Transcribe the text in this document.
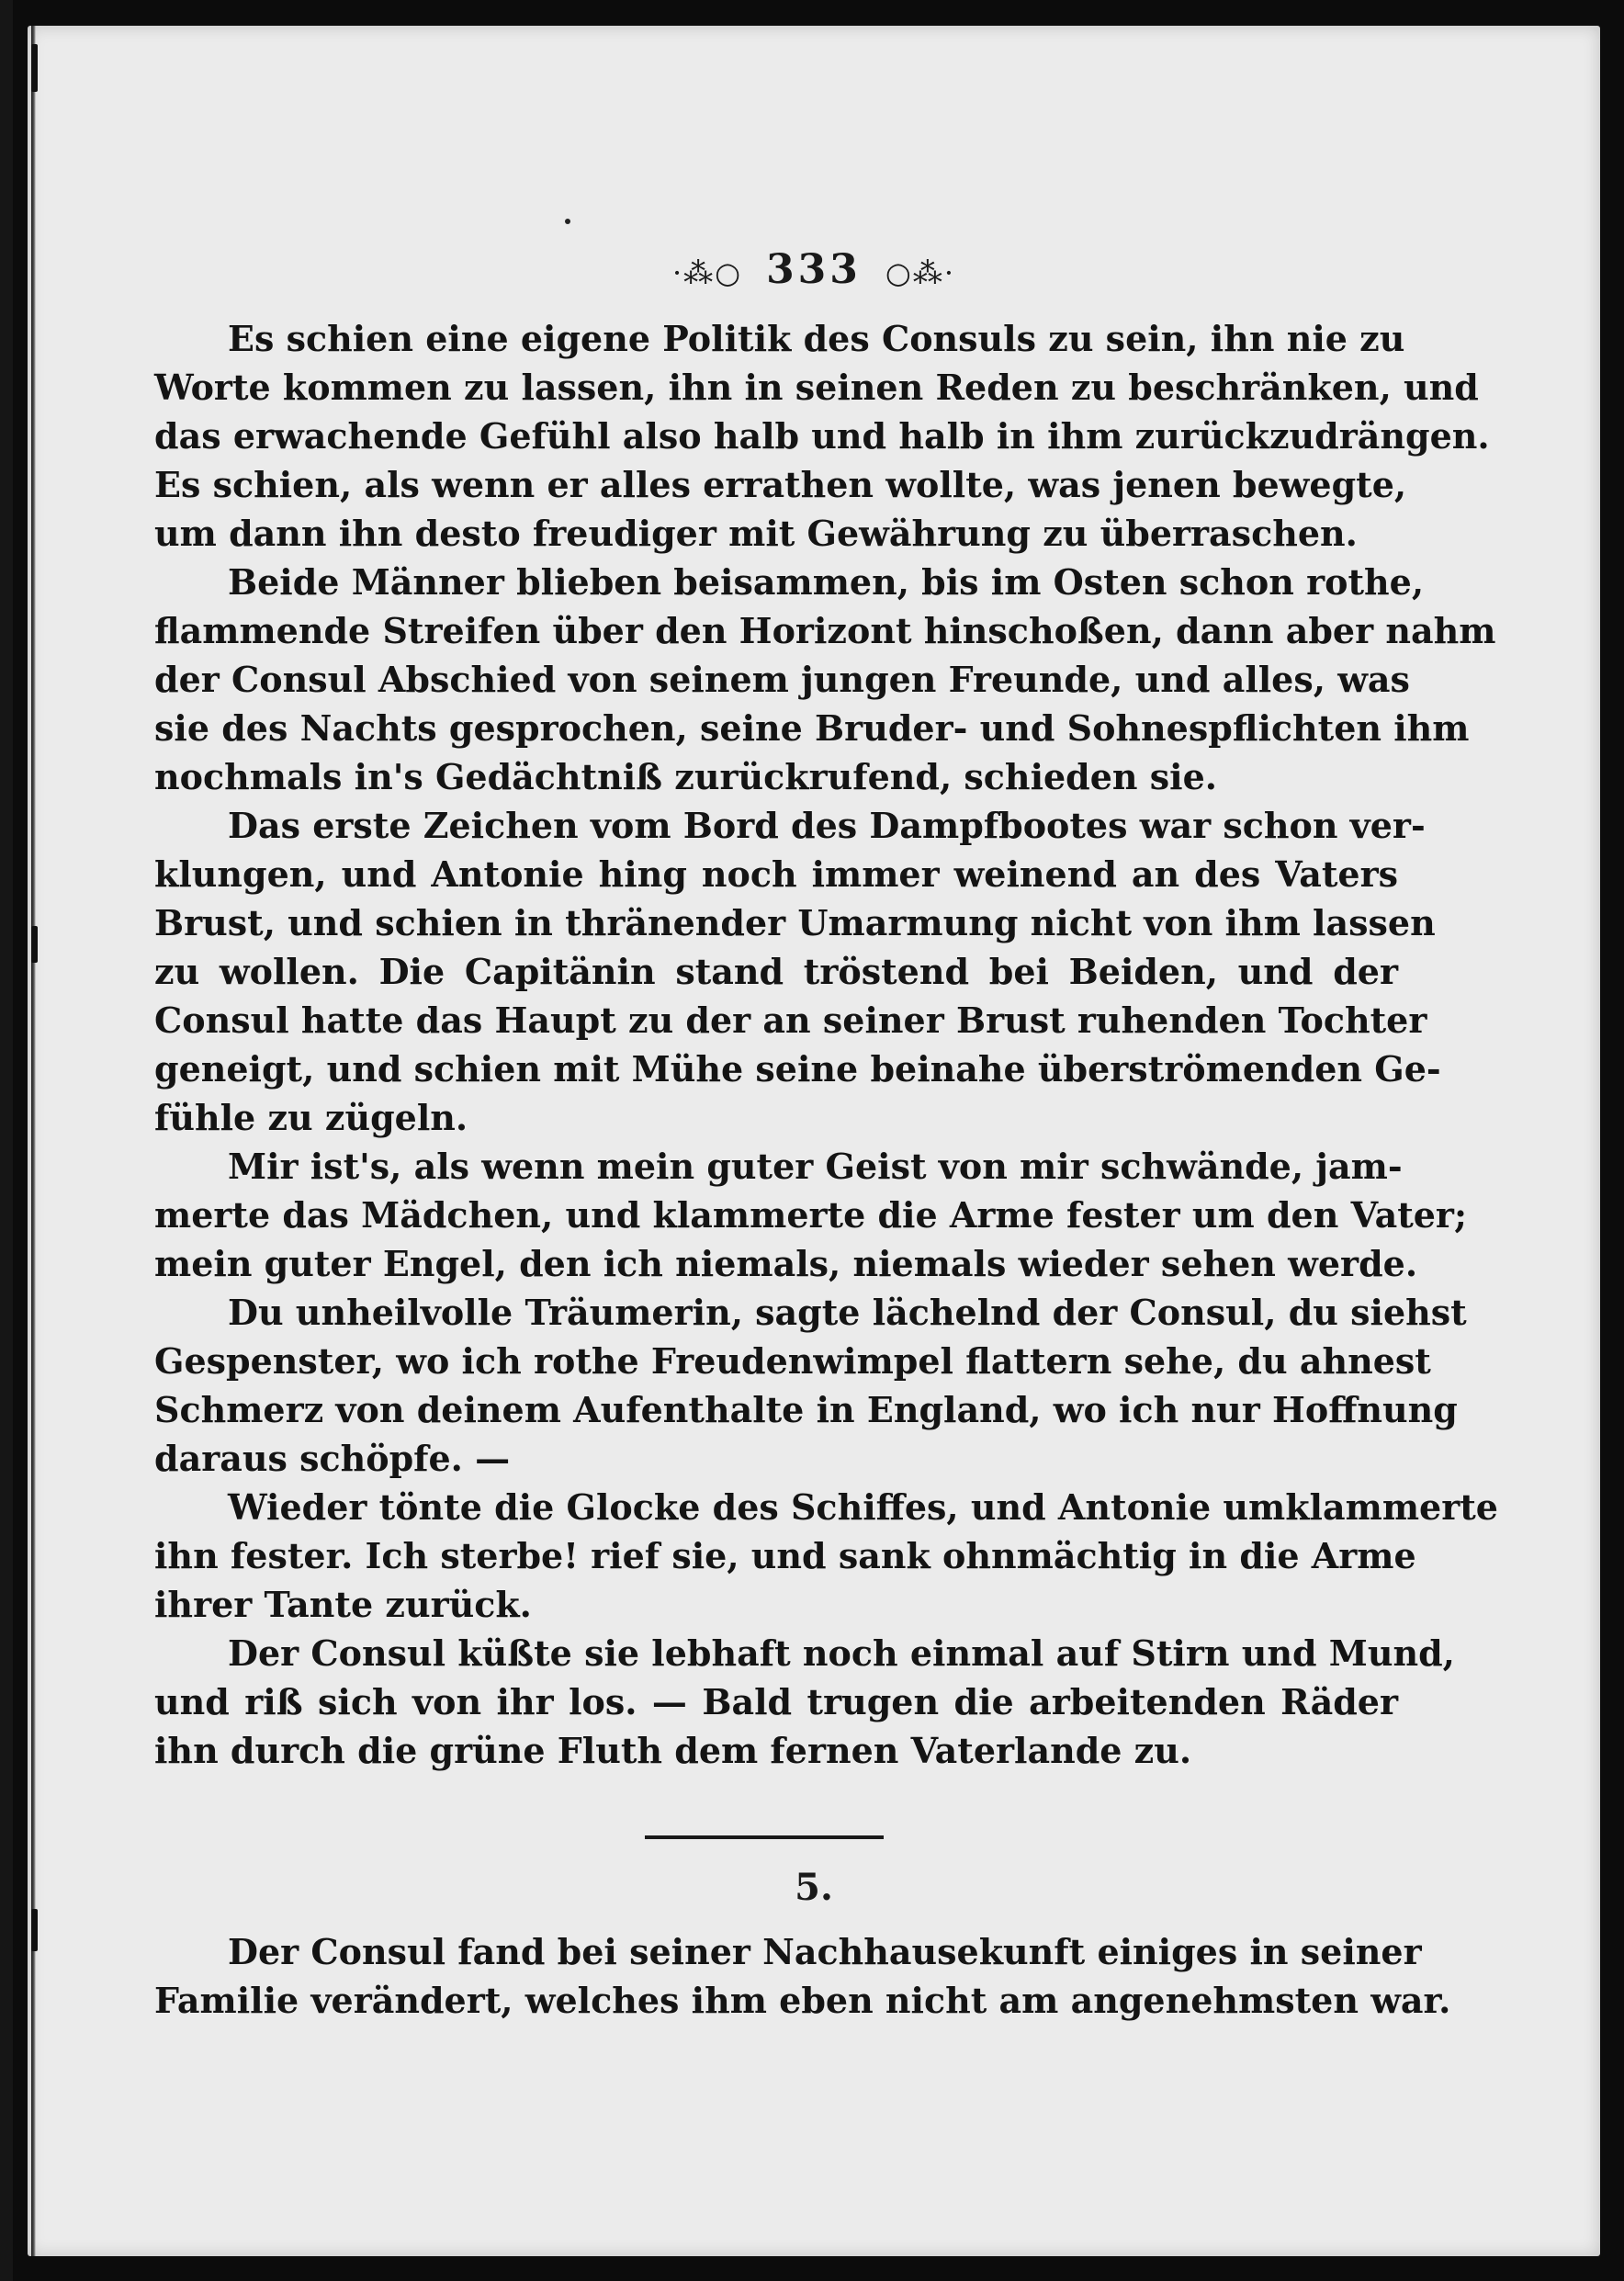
·⁂○ 333 ○⁂·
Es schien eine eigene Politik des Consuls zu sein, ihn nie zu
Worte kommen zu lassen, ihn in seinen Reden zu beschränken, und
das erwachende Gefühl also halb und halb in ihm zurückzudrängen.
Es schien, als wenn er alles errathen wollte, was jenen bewegte,
um dann ihn desto freudiger mit Gewährung zu überraschen.
Beide Männer blieben beisammen, bis im Osten schon rothe,
flammende Streifen über den Horizont hinschoßen, dann aber nahm
der Consul Abschied von seinem jungen Freunde, und alles, was
sie des Nachts gesprochen, seine Bruder- und Sohnespflichten ihm
nochmals in's Gedächtniß zurückrufend, schieden sie.
Das erste Zeichen vom Bord des Dampfbootes war schon ver-
klungen, und Antonie hing noch immer weinend an des Vaters
Brust, und schien in thränender Umarmung nicht von ihm lassen
zu wollen. Die Capitänin stand tröstend bei Beiden, und der
Consul hatte das Haupt zu der an seiner Brust ruhenden Tochter
geneigt, und schien mit Mühe seine beinahe überströmenden Ge-
fühle zu zügeln.
Mir ist's, als wenn mein guter Geist von mir schwände, jam-
merte das Mädchen, und klammerte die Arme fester um den Vater;
mein guter Engel, den ich niemals, niemals wieder sehen werde.
Du unheilvolle Träumerin, sagte lächelnd der Consul, du siehst
Gespenster, wo ich rothe Freudenwimpel flattern sehe, du ahnest
Schmerz von deinem Aufenthalte in England, wo ich nur Hoffnung
daraus schöpfe. —
Wieder tönte die Glocke des Schiffes, und Antonie umklammerte
ihn fester. Ich sterbe! rief sie, und sank ohnmächtig in die Arme
ihrer Tante zurück.
Der Consul küßte sie lebhaft noch einmal auf Stirn und Mund,
und riß sich von ihr los. — Bald trugen die arbeitenden Räder
ihn durch die grüne Fluth dem fernen Vaterlande zu.
5.
Der Consul fand bei seiner Nachhausekunft einiges in seiner
Familie verändert, welches ihm eben nicht am angenehmsten war.
